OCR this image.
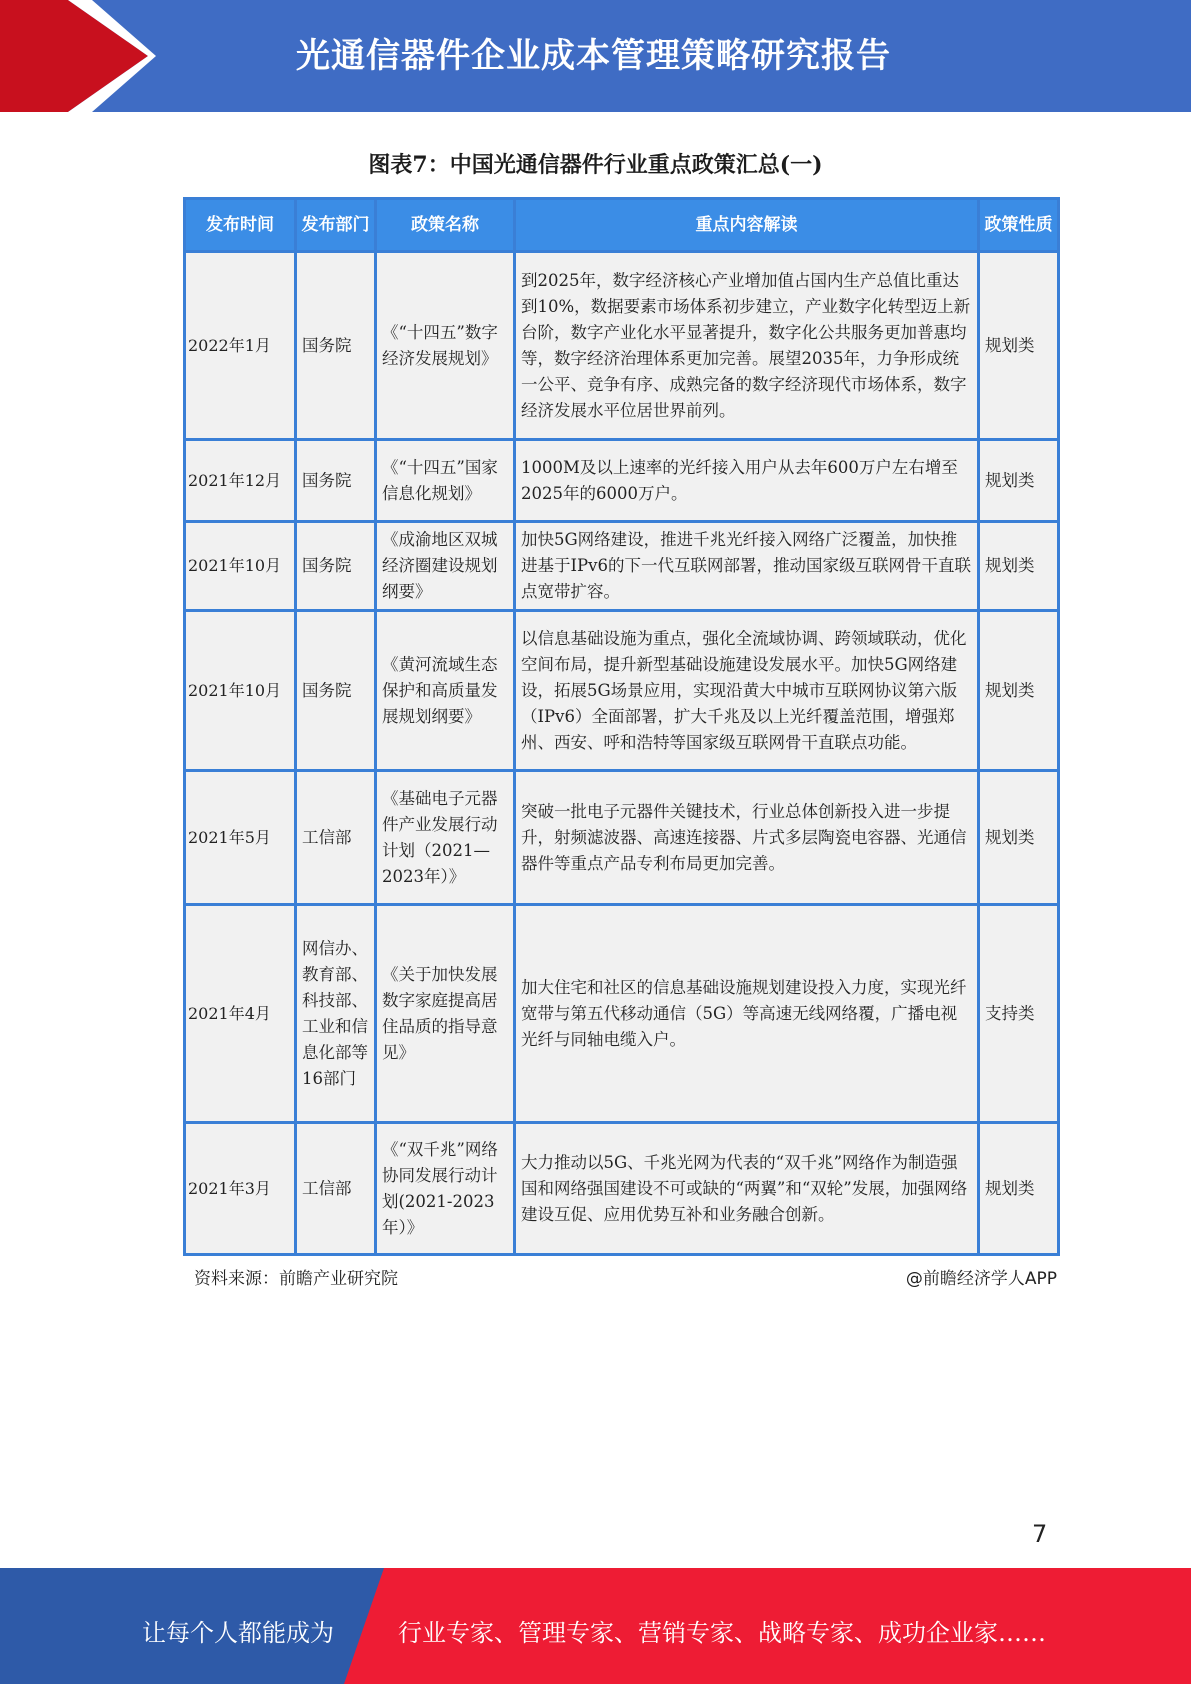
光通信器件企业成本管理策略研究报告
图表7：中国光通信器件行业重点政策汇总(一)
发布时间	发布部门	政策名称	重点内容解读	政策性质
2022年1月	国务院	《“十四五”数字经济发展规划》	到2025年，数字经济核心产业增加值占国内生产总值比重达到10%，数据要素市场体系初步建立，产业数字化转型迈上新台阶，数字产业化水平显著提升，数字化公共服务更加普惠均等，数字经济治理体系更加完善。展望2035年，力争形成统一公平、竞争有序、成熟完备的数字经济现代市场体系，数字经济发展水平位居世界前列。	规划类
2021年12月	国务院	《“十四五”国家信息化规划》	1000M及以上速率的光纤接入用户从去年600万户左右增至2025年的6000万户。	规划类
2021年10月	国务院	《成渝地区双城经济圈建设规划纲要》	加快5G网络建设，推进千兆光纤接入网络广泛覆盖，加快推进基于IPv6的下一代互联网部署，推动国家级互联网骨干直联点宽带扩容。	规划类
2021年10月	国务院	《黄河流域生态保护和高质量发展规划纲要》	以信息基础设施为重点，强化全流域协调、跨领域联动，优化空间布局，提升新型基础设施建设发展水平。加快5G网络建设，拓展5G场景应用，实现沿黄大中城市互联网协议第六版（IPv6）全面部署，扩大千兆及以上光纤覆盖范围，增强郑州、西安、呼和浩特等国家级互联网骨干直联点功能。	规划类
2021年5月	工信部	《基础电子元器件产业发展行动计划（2021—2023年）》	突破一批电子元器件关键技术，行业总体创新投入进一步提升，射频滤波器、高速连接器、片式多层陶瓷电容器、光通信器件等重点产品专利布局更加完善。	规划类
2021年4月	网信办、教育部、科技部、工业和信息化部等16部门	《关于加快发展数字家庭提高居住品质的指导意见》	加大住宅和社区的信息基础设施规划建设投入力度，实现光纤宽带与第五代移动通信（5G）等高速无线网络覆，广播电视光纤与同轴电缆入户。	支持类
2021年3月	工信部	《“双千兆”网络协同发展行动计划(2021-2023年）》	大力推动以5G、千兆光网为代表的“双千兆”网络作为制造强国和网络强国建设不可或缺的“两翼”和“双轮”发展，加强网络建设互促、应用优势互补和业务融合创新。	规划类
资料来源：前瞻产业研究院	@前瞻经济学人APP
7
让每个人都能成为	行业专家、管理专家、营销专家、战略专家、成功企业家……
